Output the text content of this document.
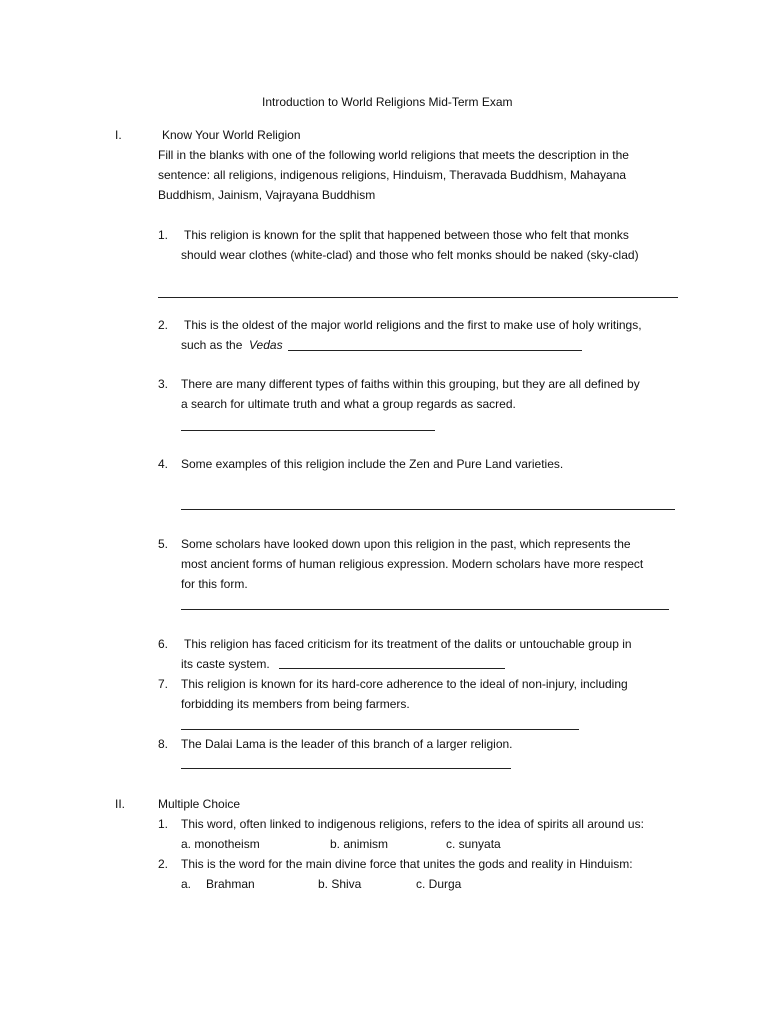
Introduction to World Religions Mid-Term Exam
I.	Know Your World Religion
Fill in the blanks with one of the following world religions that meets the description in the
sentence: all religions, indigenous religions, Hinduism, Theravada Buddhism, Mahayana
Buddhism, Jainism, Vajrayana Buddhism
1. This religion is known for the split that happened between those who felt that monks
should wear clothes (white-clad) and those who felt monks should be naked (sky-clad)
2. This is the oldest of the major world religions and the first to make use of holy writings,
such as the Vedas
3. There are many different types of faiths within this grouping, but they are all defined by
a search for ultimate truth and what a group regards as sacred.
4. Some examples of this religion include the Zen and Pure Land varieties.
5. Some scholars have looked down upon this religion in the past, which represents the
most ancient forms of human religious expression. Modern scholars have more respect
for this form.
6. This religion has faced criticism for its treatment of the dalits or untouchable group in
its caste system.
7. This religion is known for its hard-core adherence to the ideal of non-injury, including
forbidding its members from being farmers.
8. The Dalai Lama is the leader of this branch of a larger religion.
II.	Multiple Choice
1. This word, often linked to indigenous religions, refers to the idea of spirits all around us:
a. monotheism	b. animism	c. sunyata
2. This is the word for the main divine force that unites the gods and reality in Hinduism:
a. Brahman	b. Shiva	c. Durga
